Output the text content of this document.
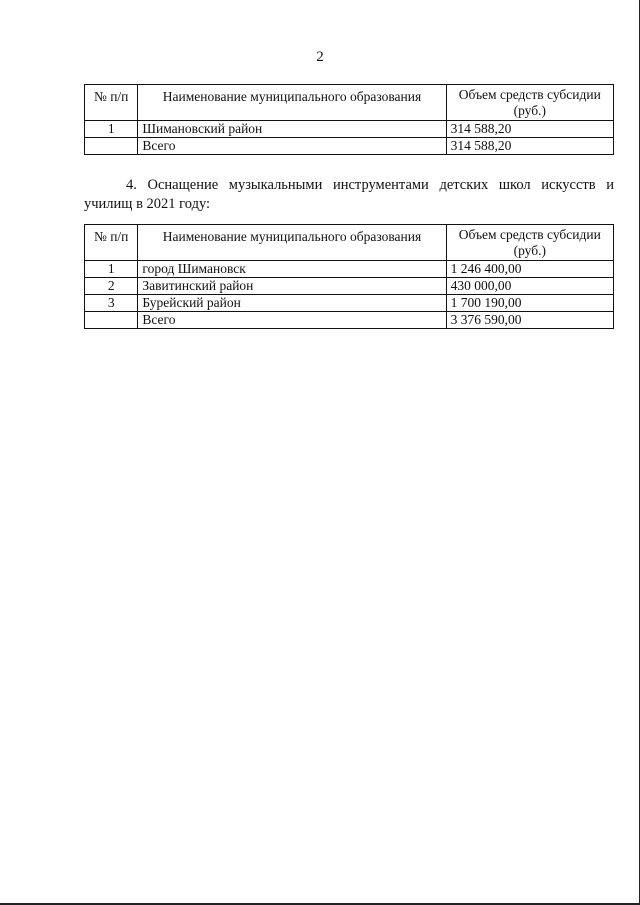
2
№ п/п	Наименование муниципального образования	Объем средств субсидии (руб.)
1	Шимановский район	314 588,20
	Всего	314 588,20
4. Оснащение музыкальными инструментами детских школ искусств и училищ в 2021 году:
№ п/п	Наименование муниципального образования	Объем средств субсидии (руб.)
1	город Шимановск	1 246 400,00
2	Завитинский район	430 000,00
3	Бурейский район	1 700 190,00
	Всего	3 376 590,00
